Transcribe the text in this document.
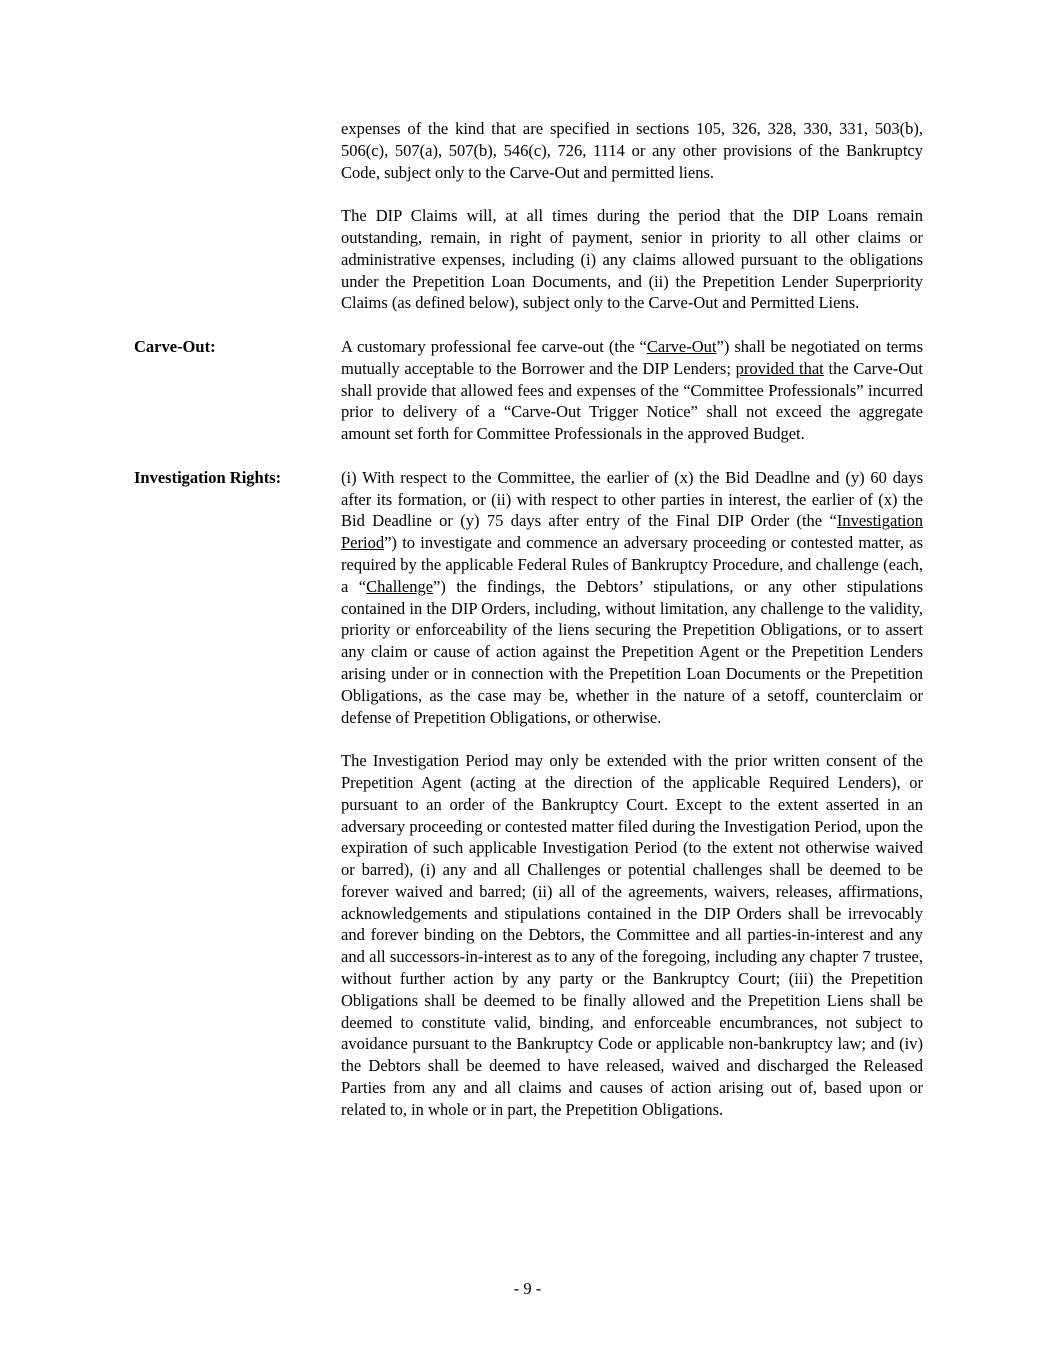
expenses of the kind that are specified in sections 105, 326, 328, 330, 331, 503(b), 506(c), 507(a), 507(b), 546(c), 726, 1114 or any other provisions of the Bankruptcy Code, subject only to the Carve-Out and permitted liens.

The DIP Claims will, at all times during the period that the DIP Loans remain outstanding, remain, in right of payment, senior in priority to all other claims or administrative expenses, including (i) any claims allowed pursuant to the obligations under the Prepetition Loan Documents, and (ii) the Prepetition Lender Superpriority Claims (as defined below), subject only to the Carve-Out and Permitted Liens.

Carve-Out:	A customary professional fee carve-out (the “Carve-Out”) shall be negotiated on terms mutually acceptable to the Borrower and the DIP Lenders; provided that the Carve-Out shall provide that allowed fees and expenses of the “Committee Professionals” incurred prior to delivery of a “Carve-Out Trigger Notice” shall not exceed the aggregate amount set forth for Committee Professionals in the approved Budget.

Investigation Rights:	(i) With respect to the Committee, the earlier of (x) the Bid Deadlne and (y) 60 days after its formation, or (ii) with respect to other parties in interest, the earlier of (x) the Bid Deadline or (y) 75 days after entry of the Final DIP Order (the “Investigation Period”) to investigate and commence an adversary proceeding or contested matter, as required by the applicable Federal Rules of Bankruptcy Procedure, and challenge (each, a “Challenge”) the findings, the Debtors’ stipulations, or any other stipulations contained in the DIP Orders, including, without limitation, any challenge to the validity, priority or enforceability of the liens securing the Prepetition Obligations, or to assert any claim or cause of action against the Prepetition Agent or the Prepetition Lenders arising under or in connection with the Prepetition Loan Documents or the Prepetition Obligations, as the case may be, whether in the nature of a setoff, counterclaim or defense of Prepetition Obligations, or otherwise.

The Investigation Period may only be extended with the prior written consent of the Prepetition Agent (acting at the direction of the applicable Required Lenders), or pursuant to an order of the Bankruptcy Court. Except to the extent asserted in an adversary proceeding or contested matter filed during the Investigation Period, upon the expiration of such applicable Investigation Period (to the extent not otherwise waived or barred), (i) any and all Challenges or potential challenges shall be deemed to be forever waived and barred; (ii) all of the agreements, waivers, releases, affirmations, acknowledgements and stipulations contained in the DIP Orders shall be irrevocably and forever binding on the Debtors, the Committee and all parties-in-interest and any and all successors-in-interest as to any of the foregoing, including any chapter 7 trustee, without further action by any party or the Bankruptcy Court; (iii) the Prepetition Obligations shall be deemed to be finally allowed and the Prepetition Liens shall be deemed to constitute valid, binding, and enforceable encumbrances, not subject to avoidance pursuant to the Bankruptcy Code or applicable non-bankruptcy law; and (iv) the Debtors shall be deemed to have released, waived and discharged the Released Parties from any and all claims and causes of action arising out of, based upon or related to, in whole or in part, the Prepetition Obligations.

- 9 -
